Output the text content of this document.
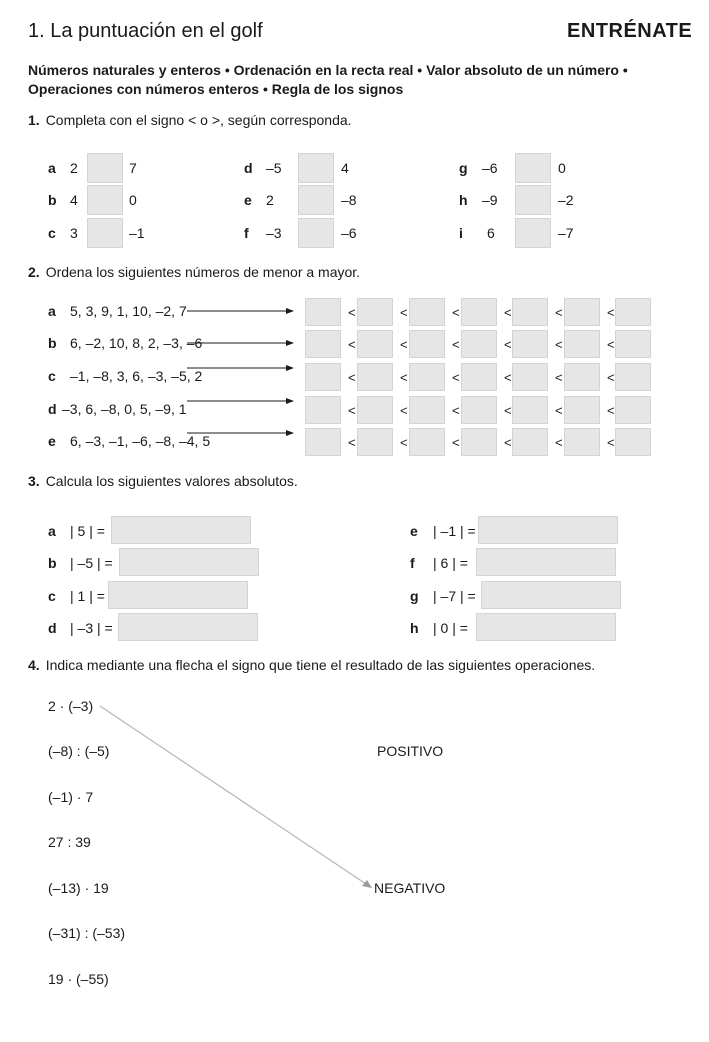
1. La puntuación en el golf	ENTRÉNATE
Números naturales y enteros • Ordenación en la recta real • Valor absoluto de un número •
Operaciones con números enteros • Regla de los signos
1. Completa con el signo < o >, según corresponda.
a 2	7
b 4	0
c 3	–1
d –5	4
e 2	–8
f –3	–6
g –6	0
h –9	–2
i 6	–7
2. Ordena los siguientes números de menor a mayor.
a 5, 3, 9, 1, 10, –2, 7	<	<	<	<	<	<
b 6, –2, 10, 8, 2, –3, –6	<	<	<	<	<	<
c –1, –8, 3, 6, –3, –5, 2	<	<	<	<	<	<
d –3, 6, –8, 0, 5, –9, 1	<	<	<	<	<	<
e 6, –3, –1, –6, –8, –4, 5	<	<	<	<	<	<
3. Calcula los siguientes valores absolutos.
a | 5 | =
b | –5 | =
c | 1 | =
d | –3 | =
e | –1 | =
f | 6 | =
g | –7 | =
h | 0 | =
4. Indica mediante una flecha el signo que tiene el resultado de las siguientes operaciones.
2 · (–3)
(–8) : (–5)
(–1) · 7
27 : 39
(–13) · 19
(–31) : (–53)
19 · (–55)
POSITIVO
NEGATIVO
